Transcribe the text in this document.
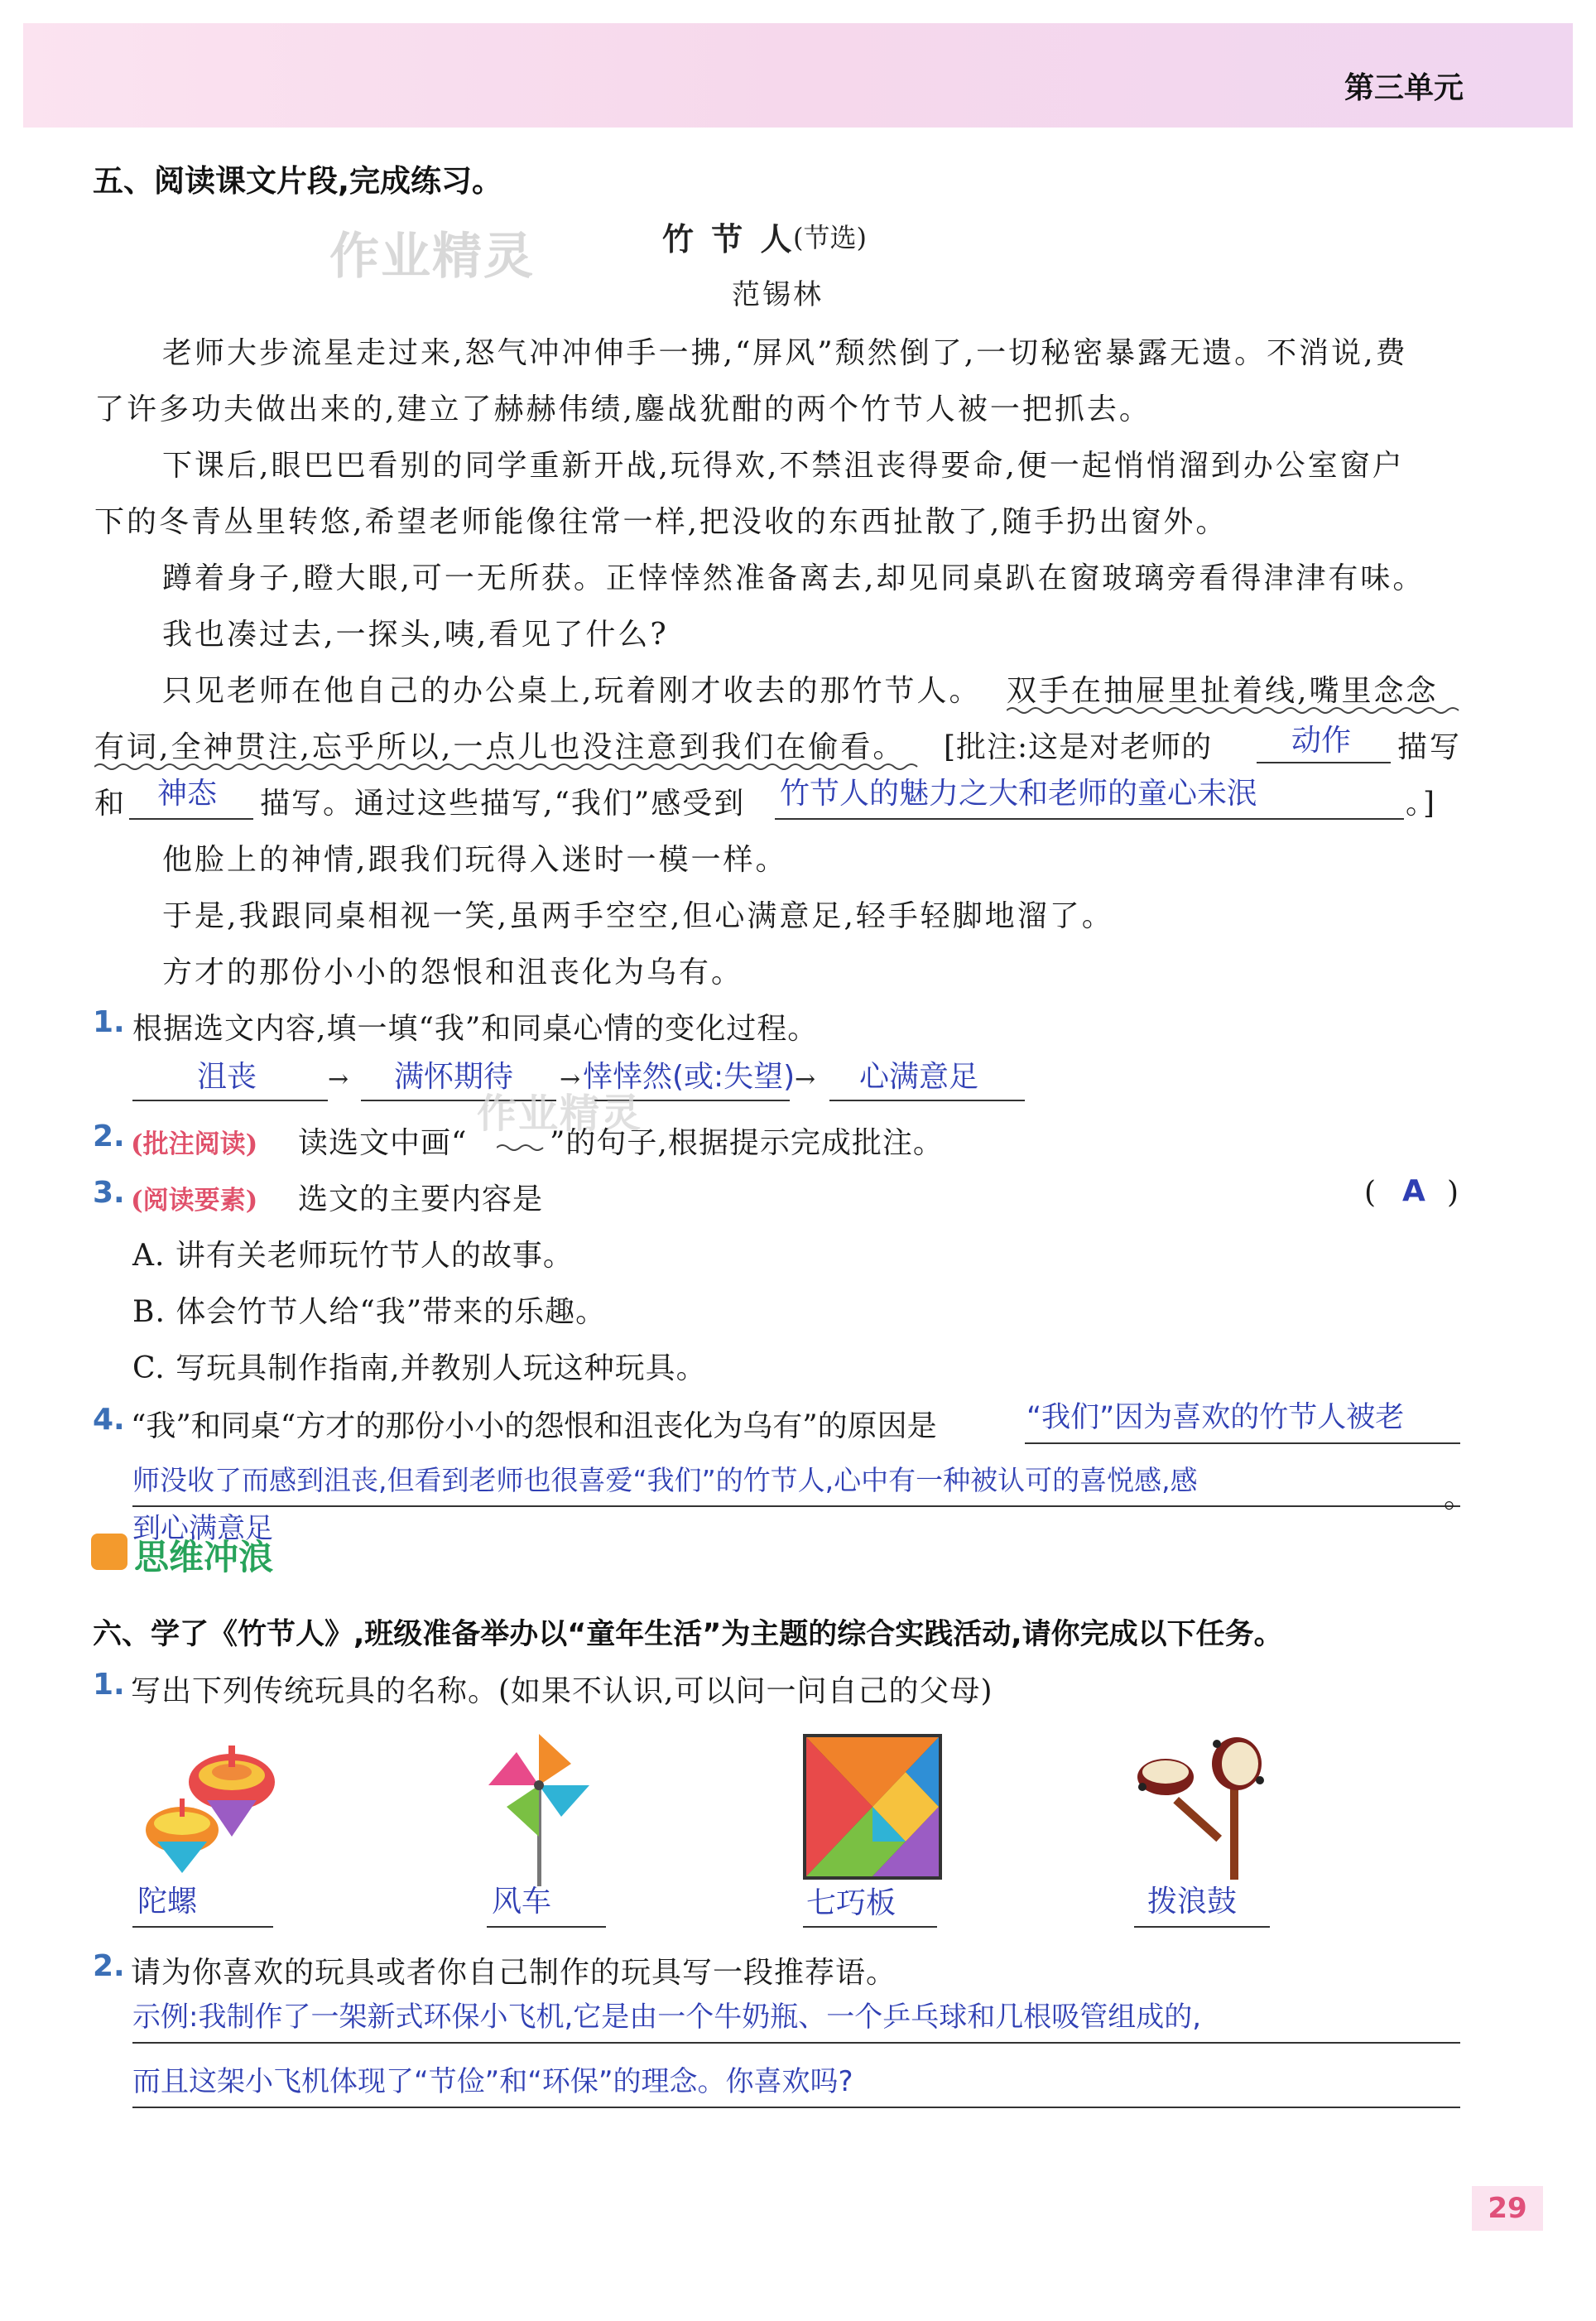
第三单元
五、阅读课文片段,完成练习。
作业精灵	竹 节 人
(节选)
范锡林
老师大步流星走过来,怒气冲冲伸手一拂,“屏风”颓然倒了,一切秘密暴露无遗。不消说,费
了许多功夫做出来的,建立了赫赫伟绩,鏖战犹酣的两个竹节人被一把抓去。
下课后,眼巴巴看别的同学重新开战,玩得欢,不禁沮丧得要命,便一起悄悄溜到办公室窗户
下的冬青丛里转悠,希望老师能像往常一样,把没收的东西扯散了,随手扔出窗外。
蹲着身子,瞪大眼,可一无所获。正悻悻然准备离去,却见同桌趴在窗玻璃旁看得津津有味。
我也凑过去,一探头,咦,看见了什么?
只见老师在他自己的办公桌上,玩着刚才收去的那竹节人。 双手在抽屉里扯着线,嘴里念念
有词,全神贯注,忘乎所以,一点儿也没注意到我们在偷看。 [批注:这是对老师的	动作 描写
和 神态 描写。通过这些描写,“我们”感受到 竹节人的魅力之大和老师的童心未泯	。]
他脸上的神情,跟我们玩得入迷时一模一样。
于是,我跟同桌相视一笑,虽两手空空,但心满意足,轻手轻脚地溜了。
方才的那份小小的怨恨和沮丧化为乌有。
1. 根据选文内容,填一填“我”和同桌心情的变化过程。
沮丧	→ 满怀期待 → 悻悻然(或:失望) → 心满意足
作业精灵
2. (批注阅读) 读选文中画“	”的句子,根据提示完成批注。
3. (阅读要素) 选文的主要内容是	( A )
A. 讲有关老师玩竹节人的故事。
B. 体会竹节人给“我”带来的乐趣。
C. 写玩具制作指南,并教别人玩这种玩具。
4. “我”和同桌“方才的那份小小的怨恨和沮丧化为乌有”的原因是	“我们”因为喜欢的竹节人被老
师没收了而感到沮丧,但看到老师也很喜爱“我们”的竹节人,心中有一种被认可的喜悦感,感
到心满意足
。
思维冲浪
六、学了《竹节人》,班级准备举办以“童年生活”为主题的综合实践活动,请你完成以下任务。
1. 写出下列传统玩具的名称。(如果不认识,可以问一问自己的父母)
陀螺	风车	七巧板	拨浪鼓
2. 请为你喜欢的玩具或者你自己制作的玩具写一段推荐语。
示例:我制作了一架新式环保小飞机,它是由一个牛奶瓶、一个乒乓球和几根吸管组成的,
而且这架小飞机体现了“节俭”和“环保”的理念。你喜欢吗?
29
